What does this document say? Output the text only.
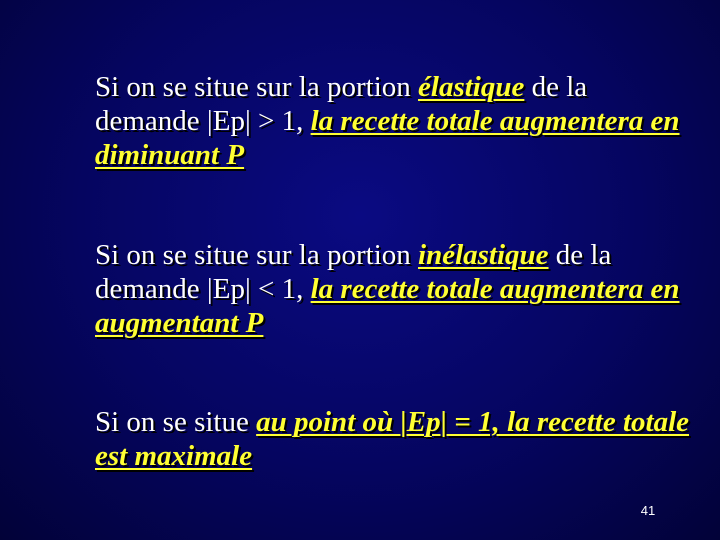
Si on se situe sur la portion élastique de la demande |Ep| > 1, la recette totale augmentera en diminuant P

Si on se situe sur la portion inélastique de la demande |Ep| < 1, la recette totale augmentera en augmentant P

Si on se situe au point où |Ep| = 1, la recette totale est maximale

41
